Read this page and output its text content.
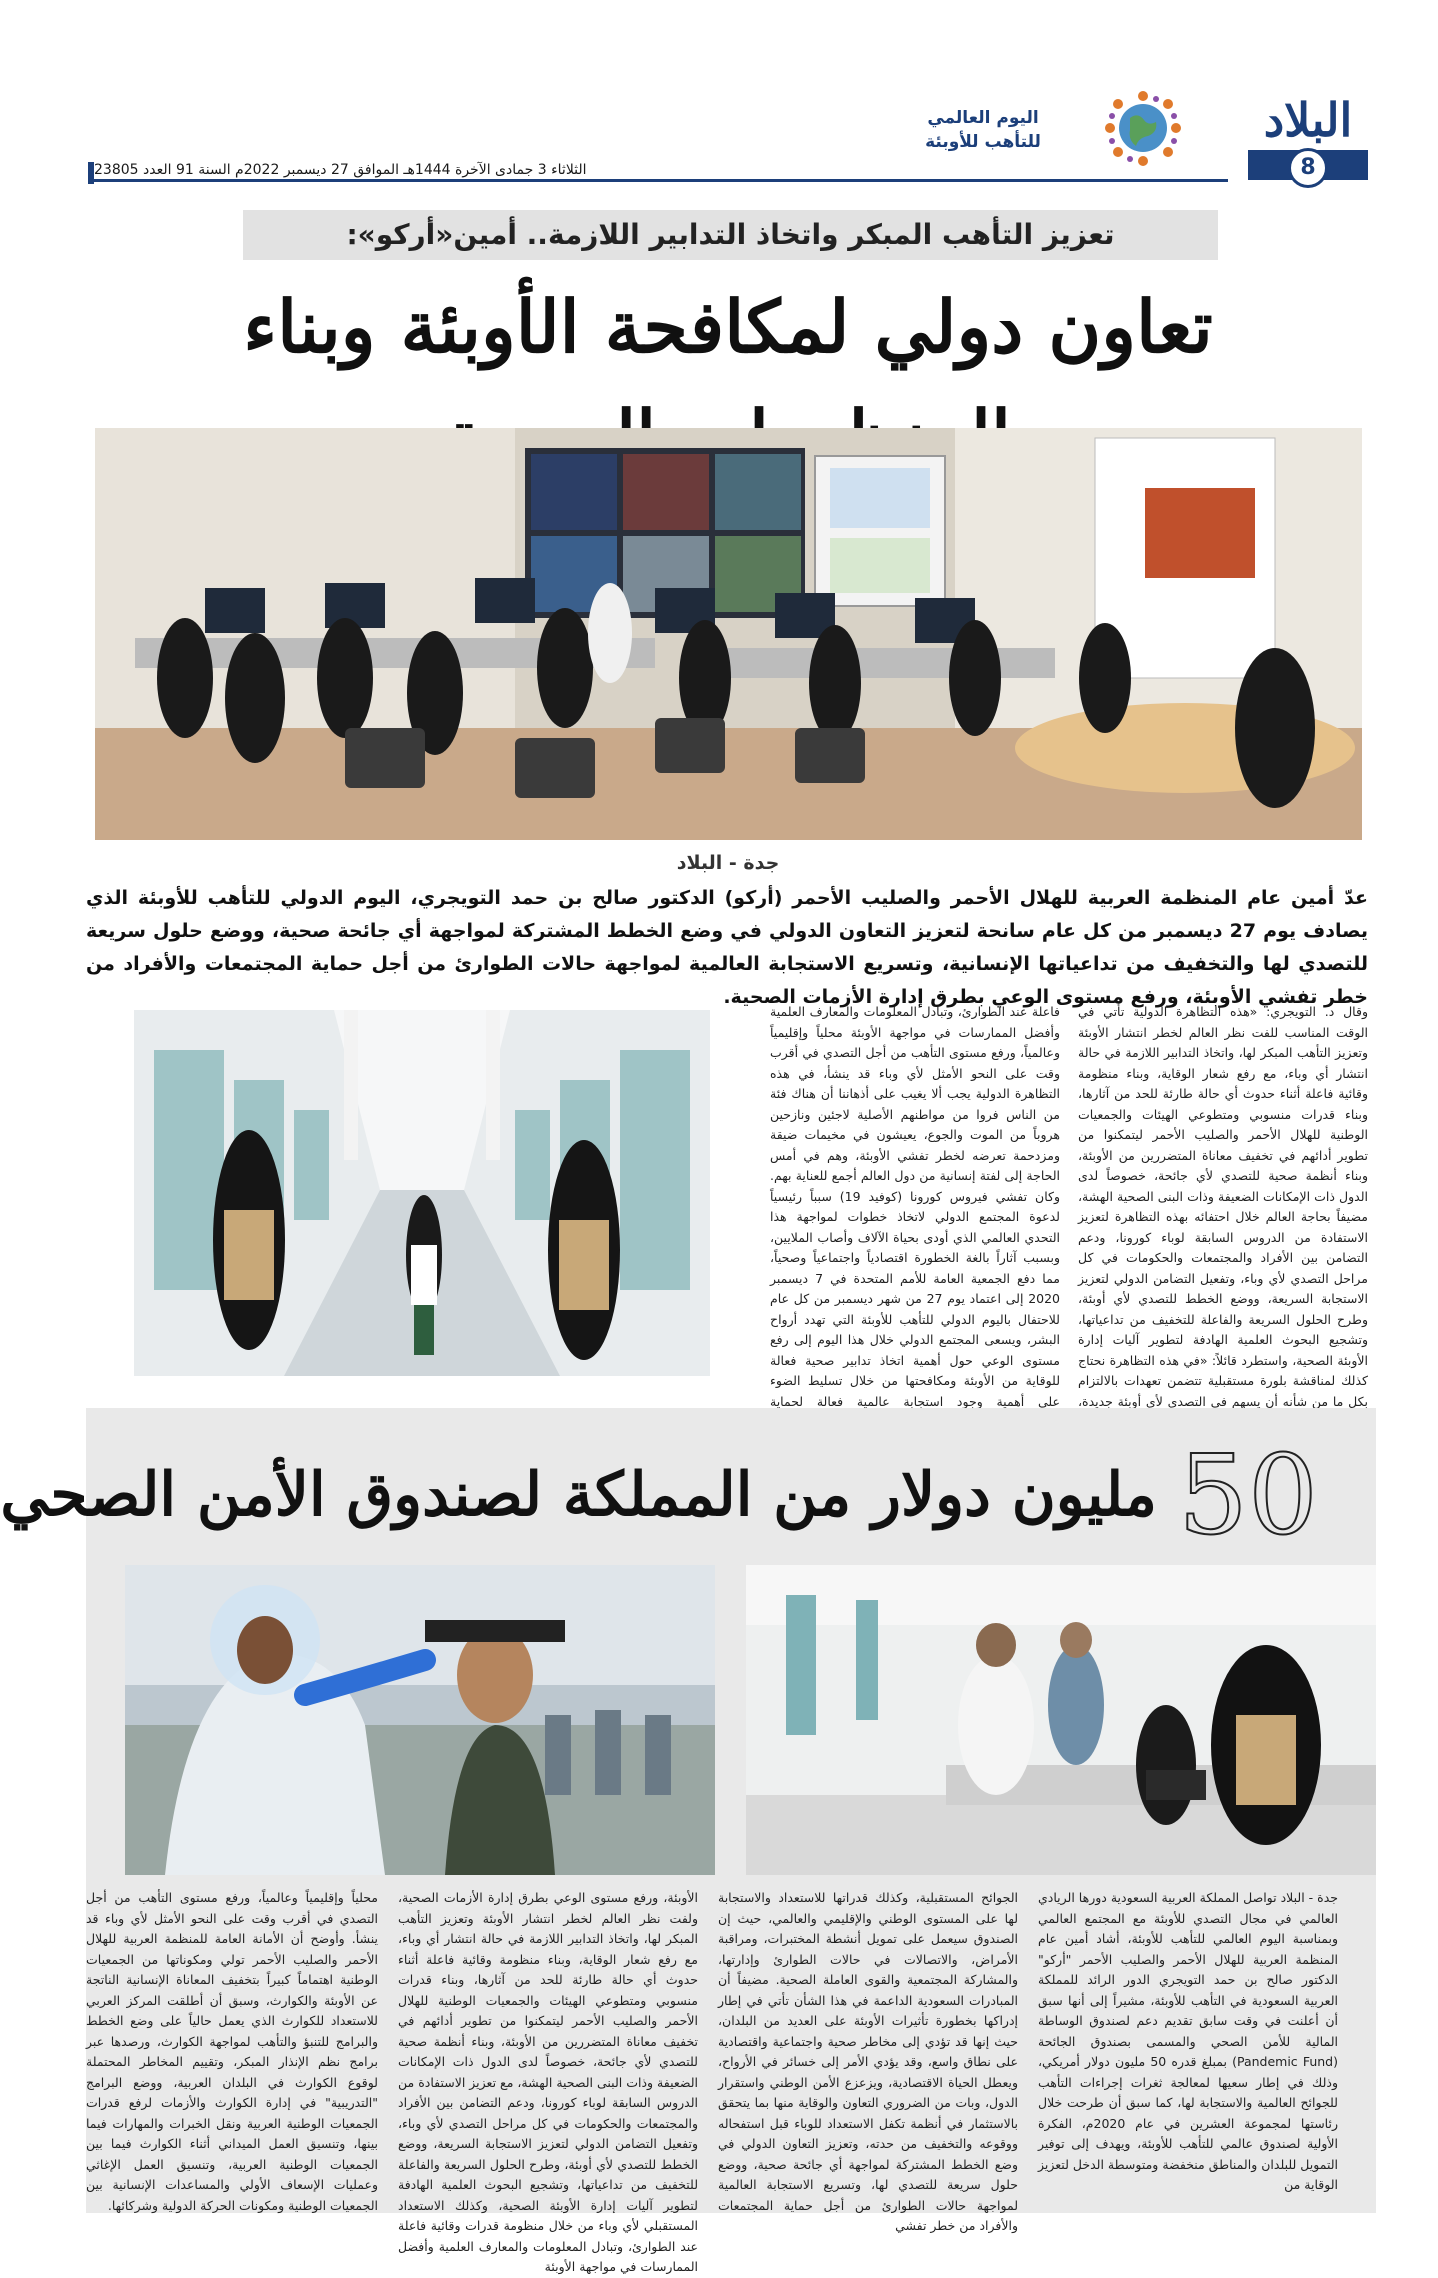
البلاد
8
اليوم العالمي
للتأهب للأوبئة
الثلاثاء 3 جمادى الآخرة 1444هـ الموافق 27 ديسمبر 2022م السنة 91 العدد 23805
تعزيز التأهب المبكر واتخاذ التدابير اللازمة.. أمين«أركو»:
تعاون دولي لمكافحة الأوبئة وبناء
جدة - البلاد

عدّ أمين عام المنظمة العربية للهلال الأحمر والصليب الأحمر (أركو) الدكتور صالح بن حمد التويجري، اليوم الدولي للتأهب للأوبئة الذي يصادف يوم 27 ديسمبر من كل عام سانحة لتعزيز التعاون الدولي في وضع الخطط المشتركة لمواجهة أي جائحة صحية، ووضع حلول سريعة للتصدي لها والتخفيف من تداعياتها الإنسانية، وتسريع الاستجابة العالمية لمواجهة حالات الطوارئ من أجل حماية المجتمعات والأفراد من خطر تفشي الأوبئة، ورفع مستوى الوعي بطرق إدارة الأزمات الصحية.

وقال د. التويجري: «هذه التظاهرة الدولية تأتي في الوقت المناسب للفت نظر العالم لخطر انتشار الأوبئة وتعزيز التأهب المبكر لها، واتخاذ التدابير اللازمة في حالة انتشار أي وباء، مع رفع شعار الوقاية، وبناء منظومة وقائية فاعلة أثناء حدوث أي حالة طارئة للحد من آثارها، وبناء قدرات منسوبي ومتطوعي الهيئات والجمعيات الوطنية للهلال الأحمر والصليب الأحمر ليتمكنوا من تطوير أدائهم في تخفيف معاناة المتضررين من الأوبئة، وبناء أنظمة صحية للتصدي لأي جائحة، خصوصاً لدى الدول ذات الإمكانات الضعيفة وذات البنى الصحية الهشة، مضيفاً بحاجة العالم خلال احتفائه بهذه التظاهرة لتعزيز الاستفادة من الدروس السابقة لوباء كورونا، ودعم التضامن بين الأفراد والمجتمعات والحكومات في كل مراحل التصدي لأي وباء، وتفعيل التضامن الدولي لتعزيز الاستجابة السريعة، ووضع الخطط للتصدي لأي أوبئة، وطرح الحلول السريعة والفاعلة للتخفيف من تداعياتها، وتشجيع البحوث العلمية الهادفة لتطوير آليات إدارة الأوبئة الصحية، واستطرد قائلاً: «في هذه التظاهرة نحتاج كذلك لمناقشة بلورة مستقبلية تتضمن تعهدات بالالتزام بكل ما من شأنه أن يسهم في التصدي لأي أوبئة جديدة،

فاعلة عند الطوارئ، وتبادل المعلومات والمعارف العلمية وأفضل الممارسات في مواجهة الأوبئة محلياً وإقليمياً وعالمياً، ورفع مستوى التأهب من أجل التصدي في أقرب وقت على النحو الأمثل لأي وباء قد ينشأ، في هذه التظاهرة الدولية يجب ألا يغيب على أذهاننا أن هناك فئة من الناس فروا من مواطنهم الأصلية لاجئين ونازحين هروباً من الموت والجوع، يعيشون في مخيمات ضيقة ومزدحمة تعرضه لخطر تفشي الأوبئة، وهم في أمس الحاجة إلى لفتة إنسانية من دول العالم أجمع للعناية بهم. وكان تفشي فيروس كورونا (كوفيد 19) سبباً رئيسياً لدعوة المجتمع الدولي لاتخاذ خطوات لمواجهة هذا التحدي العالمي الذي أودى بحياة الآلاف وأصاب الملايين، وبسبب آثاراً بالغة الخطورة اقتصادياً واجتماعياً وصحياً، مما دفع الجمعية العامة للأمم المتحدة في 7 ديسمبر 2020 إلى اعتماد يوم 27 من شهر ديسمبر من كل عام للاحتفال باليوم الدولي للتأهب للأوبئة التي تهدد أرواح البشر، ويسعى المجتمع الدولي خلال هذا اليوم إلى رفع مستوى الوعي حول أهمية اتخاذ تدابير صحية فعالة للوقاية من الأوبئة ومكافحتها من خلال تسليط الضوء على أهمية وجود استجابة عالمية فعالة لحماية

جدة - البلاد تواصل المملكة العربية السعودية دورها الريادي العالمي في مجال التصدي للأوبئة مع المجتمع العالمي وبمناسبة اليوم العالمي للتأهب للأوبئة، أشاد أمين عام المنظمة العربية للهلال الأحمر والصليب الأحمر "أركو" الدكتور صالح بن حمد التويجري الدور الرائد للمملكة العربية السعودية في التأهب للأوبئة، مشيراً إلى أنها سبق أن أعلنت في وقت سابق تقديم دعم لصندوق الوساطة المالية للأمن الصحي والمسمى بصندوق الجائحة (Pandemic Fund) بمبلغ قدره 50 مليون دولار أمريكي، وذلك في إطار سعيها لمعالجة ثغرات إجراءات التأهب للجوائح العالمية والاستجابة لها، كما سبق أن طرحت خلال رئاستها لمجموعة العشرين في عام 2020م، الفكرة الأولية لصندوق عالمي للتأهب للأوبئة، ويهدف إلى توفير التمويل للبلدان والمناطق منخفضة ومتوسطة الدخل لتعزيز الوقاية من

الجوائح المستقبلية، وكذلك قدراتها للاستعداد والاستجابة لها على المستوى الوطني والإقليمي والعالمي، حيث إن الصندوق سيعمل على تمويل أنشطة المختبرات، ومراقبة الأمراض، والاتصالات في حالات الطوارئ وإدارتها، والمشاركة المجتمعية والقوى العاملة الصحية. مضيفاً أن المبادرات السعودية الداعمة في هذا الشأن تأتي في إطار إدراكها بخطورة تأثيرات الأوبئة على العديد من البلدان، حيث إنها قد تؤدي إلى مخاطر صحية واجتماعية واقتصادية على نطاق واسع، وقد يؤدي الأمر إلى خسائر في الأرواح، ويعطل الحياة الاقتصادية، ويزعزع الأمن الوطني واستقرار الدول، وبات من الضروري التعاون والوقاية منها بما يتحقق بالاستثمار في أنظمة تكفل الاستعداد للوباء قبل استفحاله ووقوعه والتخفيف من حدته، وتعزيز التعاون الدولي في وضع الخطط المشتركة لمواجهة أي جائحة صحية، ووضع حلول سريعة للتصدي لها، وتسريع الاستجابة العالمية لمواجهة حالات الطوارئ من أجل حماية المجتمعات والأفراد من خطر تفشي

الأوبئة، ورفع مستوى الوعي بطرق إدارة الأزمات الصحية، ولفت نظر العالم لخطر انتشار الأوبئة وتعزيز التأهب المبكر لها، واتخاذ التدابير اللازمة في حالة انتشار أي وباء، مع رفع شعار الوقاية، وبناء منظومة وقائية فاعلة أثناء حدوث أي حالة طارئة للحد من آثارها، وبناء قدرات منسوبي ومتطوعي الهيئات والجمعيات الوطنية للهلال الأحمر والصليب الأحمر ليتمكنوا من تطوير أدائهم في تخفيف معاناة المتضررين من الأوبئة، وبناء أنظمة صحية للتصدي لأي جائحة، خصوصاً لدى الدول ذات الإمكانات الضعيفة وذات البنى الصحية الهشة، مع تعزيز الاستفادة من الدروس السابقة لوباء كورونا، ودعم التضامن بين الأفراد والمجتمعات والحكومات في كل مراحل التصدي لأي وباء، وتفعيل التضامن الدولي لتعزيز الاستجابة السريعة، ووضع الخطط للتصدي لأي أوبئة، وطرح الحلول السريعة والفاعلة للتخفيف من تداعياتها، وتشجيع البحوث العلمية الهادفة لتطوير آليات إدارة الأوبئة الصحية، وكذلك الاستعداد المستقبلي لأي وباء من خلال منظومة قدرات وقائية فاعلة عند الطوارئ، وتبادل المعلومات والمعارف العلمية وأفضل الممارسات في مواجهة الأوبئة

محلياً وإقليمياً وعالمياً، ورفع مستوى التأهب من أجل التصدي في أقرب وقت على النحو الأمثل لأي وباء قد ينشأ. وأوضح أن الأمانة العامة للمنظمة العربية للهلال الأحمر والصليب الأحمر تولي ومكوناتها من الجمعيات الوطنية اهتماماً كبيراً بتخفيف المعاناة الإنسانية الناتجة عن الأوبئة والكوارث، وسبق أن أطلقت المركز العربي للاستعداد للكوارث الذي يعمل حالياً على وضع الخطط والبرامج للتنبؤ والتأهب لمواجهة الكوارث، ورصدها عبر برامج نظم الإنذار المبكر، وتقييم المخاطر المحتملة لوقوع الكوارث في البلدان العربية، ووضع البرامج "التدريبية" في إدارة الكوارث والأزمات لرفع قدرات الجمعيات الوطنية العربية ونقل الخبرات والمهارات فيما بينها، وتنسيق العمل الميداني أثناء الكوارث فيما بين الجمعيات الوطنية العربية، وتنسيق العمل الإغاثي وعمليات الإسعاف الأولي والمساعدات الإنسانية بين الجمعيات الوطنية ومكونات الحركة الدولية وشركائها.

50 مليون دولار من المملكة لصندوق الأمن الصحي
